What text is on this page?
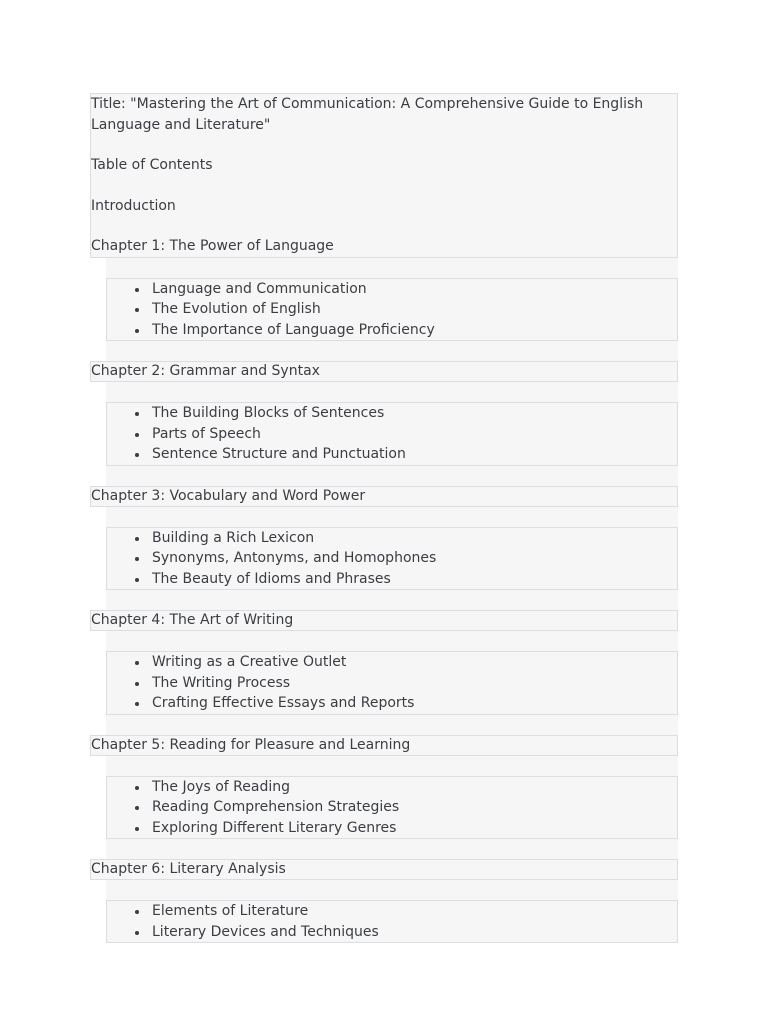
Title: "Mastering the Art of Communication: A Comprehensive Guide to English Language and Literature"

Table of Contents

Introduction

Chapter 1: The Power of Language

Language and Communication
The Evolution of English
The Importance of Language Proficiency
Chapter 2: Grammar and Syntax
The Building Blocks of Sentences
Parts of Speech
Sentence Structure and Punctuation
Chapter 3: Vocabulary and Word Power
Building a Rich Lexicon
Synonyms, Antonyms, and Homophones
The Beauty of Idioms and Phrases
Chapter 4: The Art of Writing
Writing as a Creative Outlet
The Writing Process
Crafting Effective Essays and Reports
Chapter 5: Reading for Pleasure and Learning
The Joys of Reading
Reading Comprehension Strategies
Exploring Different Literary Genres
Chapter 6: Literary Analysis
Elements of Literature
Literary Devices and Techniques
